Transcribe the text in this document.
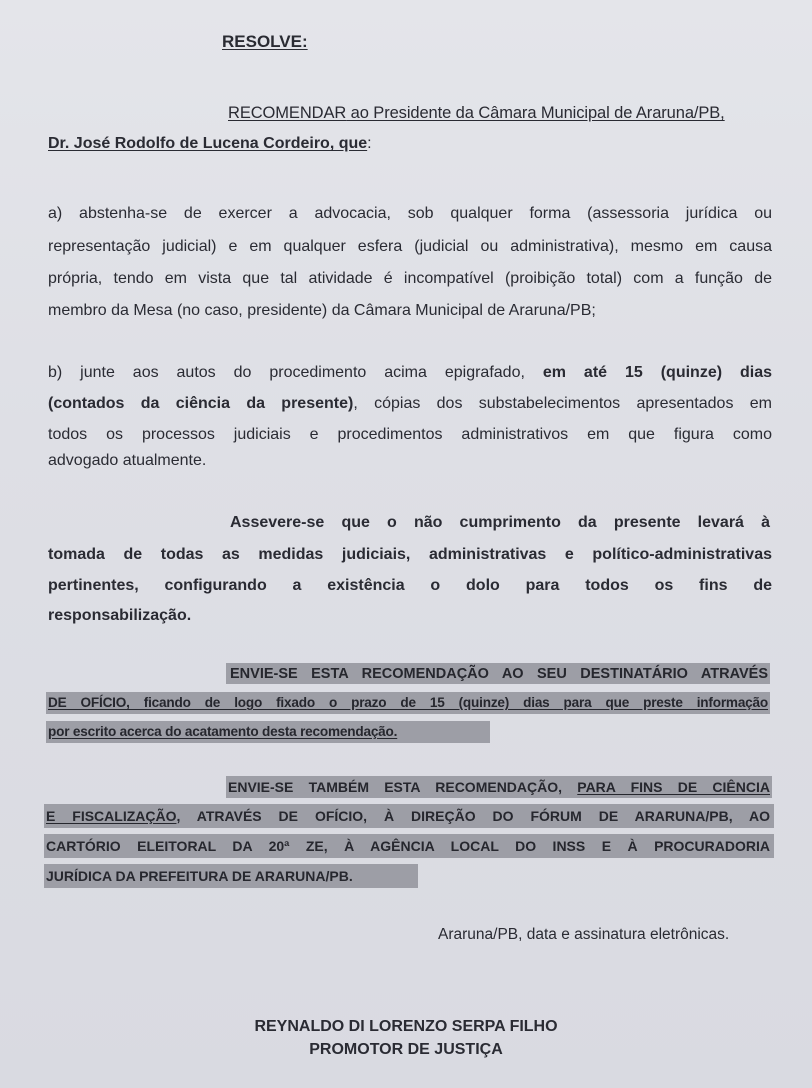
RESOLVE:
RECOMENDAR ao Presidente da Câmara Municipal de Araruna/PB,
Dr. José Rodolfo de Lucena Cordeiro, que:
a) abstenha-se de exercer a advocacia, sob qualquer forma (assessoria jurídica ou
representação judicial) e em qualquer esfera (judicial ou administrativa), mesmo em causa
própria, tendo em vista que tal atividade é incompatível (proibição total) com a função de
membro da Mesa (no caso, presidente) da Câmara Municipal de Araruna/PB;
b) junte aos autos do procedimento acima epigrafado, em até 15 (quinze) dias
(contados da ciência da presente), cópias dos substabelecimentos apresentados em
todos os processos judiciais e procedimentos administrativos em que figura como
advogado atualmente.
Assevere-se que o não cumprimento da presente levará à
tomada de todas as medidas judiciais, administrativas e político-administrativas
pertinentes, configurando a existência o dolo para todos os fins de
responsabilização.
ENVIE-SE ESTA RECOMENDAÇÃO AO SEU DESTINATÁRIO ATRAVÉS
DE OFÍCIO, ficando de logo fixado o prazo de 15 (quinze) dias para que preste informação
por escrito acerca do acatamento desta recomendação.
ENVIE-SE TAMBÉM ESTA RECOMENDAÇÃO, PARA FINS DE CIÊNCIA
E FISCALIZAÇÃO, ATRAVÉS DE OFÍCIO, À DIREÇÃO DO FÓRUM DE ARARUNA/PB, AO
CARTÓRIO ELEITORAL DA 20ª ZE, À AGÊNCIA LOCAL DO INSS E À PROCURADORIA
JURÍDICA DA PREFEITURA DE ARARUNA/PB.
Araruna/PB, data e assinatura eletrônicas.
REYNALDO DI LORENZO SERPA FILHO
PROMOTOR DE JUSTIÇA
